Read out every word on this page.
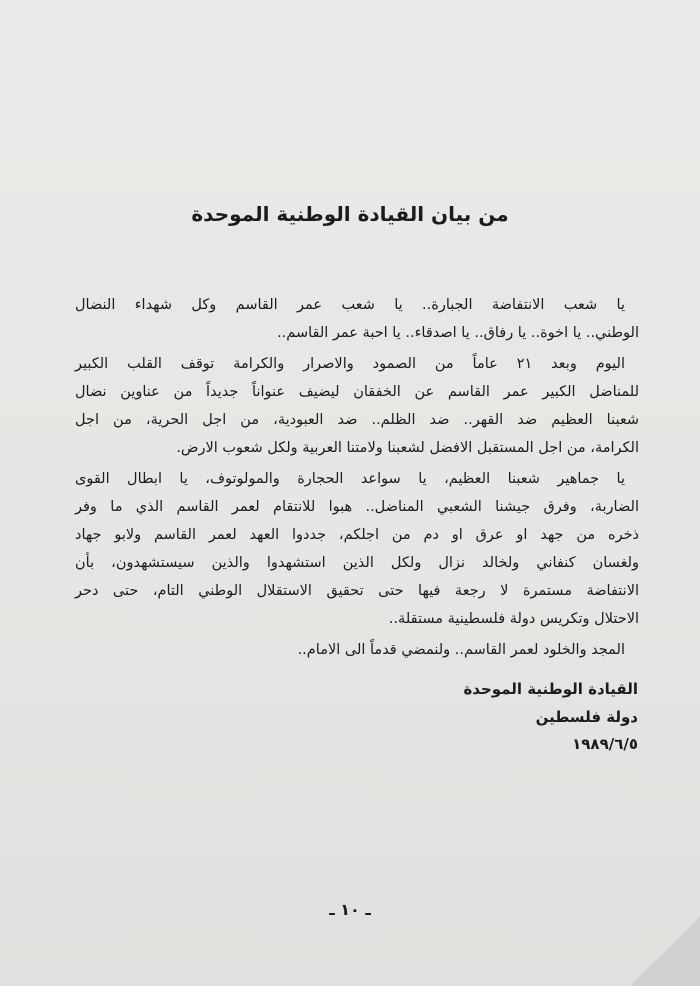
من بيان القيادة الوطنية الموحدة
يا شعب الانتفاضة الجبارة.. يا شعب عمر القاسم وكل شهداء النضال
الوطني.. يا اخوة.. يا رفاق.. يا اصدقاء.. يا احبة عمر القاسم..
اليوم وبعد ٢١ عاماً من الصمود والاصرار والكرامة توقف القلب الكبير
للمناضل الكبير عمر القاسم عن الخفقان ليضيف عنواناً جديداً من عناوين نضال
شعبنا العظيم ضد القهر.. ضد الظلم.. ضد العبودية، من اجل الحرية، من اجل
الكرامة، من اجل المستقبل الافضل لشعبنا ولامتنا العربية ولكل شعوب الارض.
يا جماهير شعبنا العظيم، يا سواعد الحجارة والمولوتوف، يا ابطال القوى
الضاربة، وفرق جيشنا الشعبي المناضل.. هبوا للانتقام لعمر القاسم الذي ما وفر
ذخره من جهد او عرق او دم من اجلكم، جددوا العهد لعمر القاسم ولابو جهاد
ولغسان كنفاني ولخالد نزال ولكل الذين استشهدوا والذين سيستشهدون، بأن
الانتفاضة مستمرة لا رجعة فيها حتى تحقيق الاستقلال الوطني التام، حتى دحر
الاحتلال وتكريس دولة فلسطينية مستقلة..
المجد والخلود لعمر القاسم.. ولنمضي قدماً الى الامام..
القيادة الوطنية الموحدة
دولة فلسطين
١٩٨٩/٦/٥
ـ ١٠ ـ
